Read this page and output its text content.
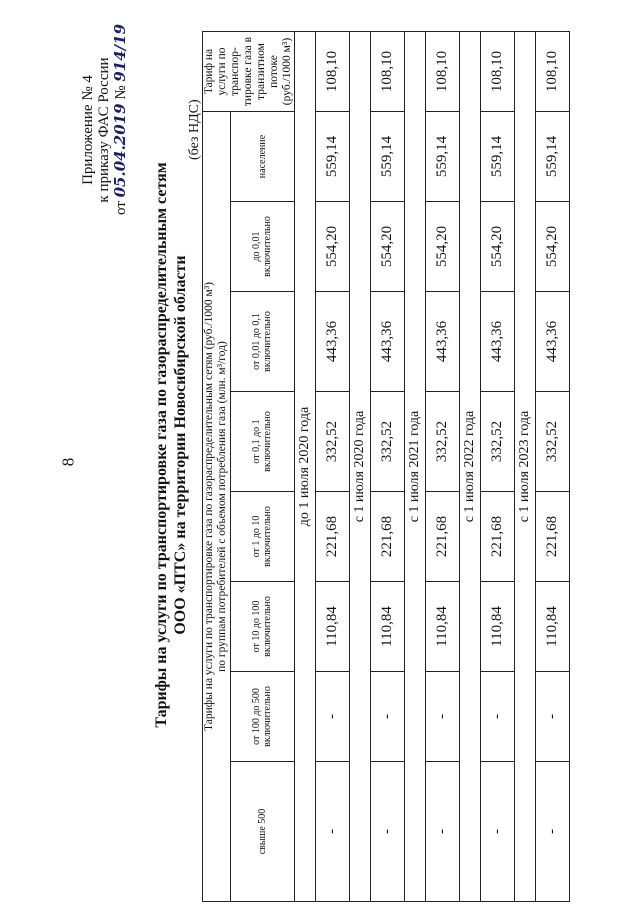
8
Приложение № 4 к приказу ФАС России
от 05.04.2019 № 914/19
Тарифы на услуги по транспортировке газа по газораспределительным сетям ООО «ПТС» на территории Новосибирской области
(без НДС)
Тарифы на услуги по транспортировке газа по газораспределительным сетям (руб./1000 м³) по группам потребителей с объемом потребления газа (млн. м³/год)								Тариф на услуги по транспор- тировке газа в транзитном потоке (руб./1000 м³)
свыше 500	от 100 до 500 включительно	от 10 до 100 включительно	от 1 до 10 включительно	от 0,1 до 1 включительно	от 0,01 до 0,1 включительно	до 0,01 включительно	население	
до 1 июля 2020 года								
-	-	110,84	221,68	332,52	443,36	554,20	559,14	108,10
с 1 июля 2020 года								
-	-	110,84	221,68	332,52	443,36	554,20	559,14	108,10
с 1 июля 2021 года								
-	-	110,84	221,68	332,52	443,36	554,20	559,14	108,10
с 1 июля 2022 года								
-	-	110,84	221,68	332,52	443,36	554,20	559,14	108,10
с 1 июля 2023 года								
-	-	110,84	221,68	332,52	443,36	554,20	559,14	108,10
